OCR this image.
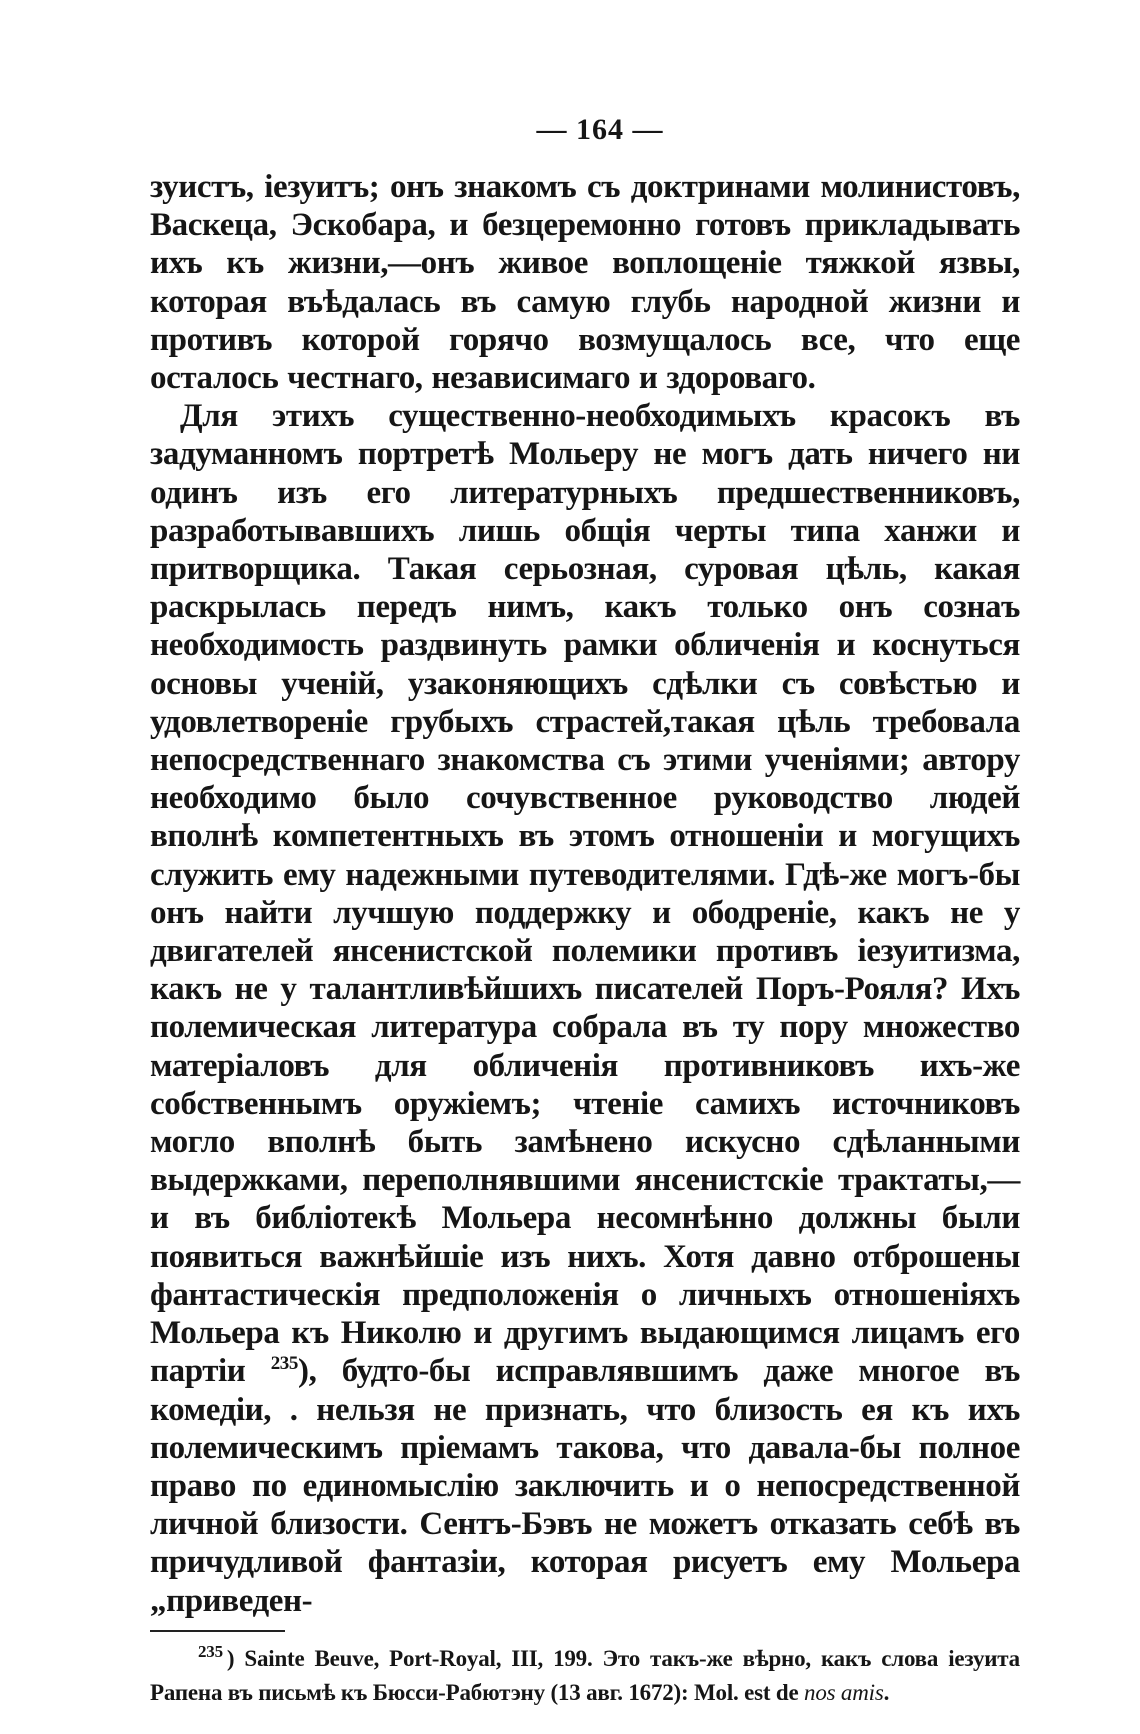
— 164 —

зуистъ, іезуитъ; онъ знакомъ съ доктринами молинистовъ, Васкеца, Эскобара, и безцеремонно готовъ прикладывать ихъ къ жизни,—онъ живое воплощеніе тяжкой язвы, которая въѣдалась въ самую глубь народной жизни и противъ которой горячо возмущалось все, что еще осталось честнаго, независимаго и здороваго.

Для этихъ существенно-необходимыхъ красокъ въ задуманномъ портретѣ Мольеру не могъ дать ничего ни одинъ изъ его литературныхъ предшественниковъ, разработывавшихъ лишь общія черты типа ханжи и притворщика. Такая серьозная, суровая цѣль, какая раскрылась передъ нимъ, какъ только онъ сознаъ необходимость раздвинуть рамки обличенія и коснуться основы ученій, узаконяющихъ сдѣлки съ совѣстью и удовлетвореніе грубыхъ страстей,такая цѣль требовала непосредственнаго знакомства съ этими ученіями; автору необходимо было сочувственное руководство людей вполнѣ компетентныхъ въ этомъ отношеніи и могущихъ служить ему надежными путеводителями. Гдѣ-же могъ-бы онъ найти лучшую поддержку и ободреніе, какъ не у двигателей янсенистской полемики противъ іезуитизма, какъ не у талантливѣйшихъ писателей Поръ-Рояля? Ихъ полемическая литература собрала въ ту пору множество матеріаловъ для обличенія противниковъ ихъ-же собственнымъ оружіемъ; чтеніе самихъ источниковъ могло вполнѣ быть замѣнено искусно сдѣланными выдержками, переполнявшими янсенистскіе трактаты,—и въ библіотекѣ Мольера несомнѣнно должны были появиться важнѣйшіе изъ нихъ. Хотя давно отброшены фантастическія предположенія о личныхъ отношеніяхъ Мольера къ Николю и другимъ выдающимся лицамъ его партіи $^{235}$), будто-бы исправлявшимъ даже многое въ комедіи, . нельзя не признать, что близость ея къ ихъ полемическимъ пріемамъ такова, что давала-бы полное право по единомыслію заключить и о непосредственной личной близости. Сентъ-Бэвъ не можетъ отказать себѣ въ причудливой фантазіи, которая рисуетъ ему Мольера „приведен-

$^{235}$ ) Sainte Beuve, Port-Royal, III, 199. Это такъ-же вѣрно, какъ слова іезуита Рапена въ письмѣ къ Бюсси-Рабютэну (13 авг. 1672): Mol. est de nos amis.
